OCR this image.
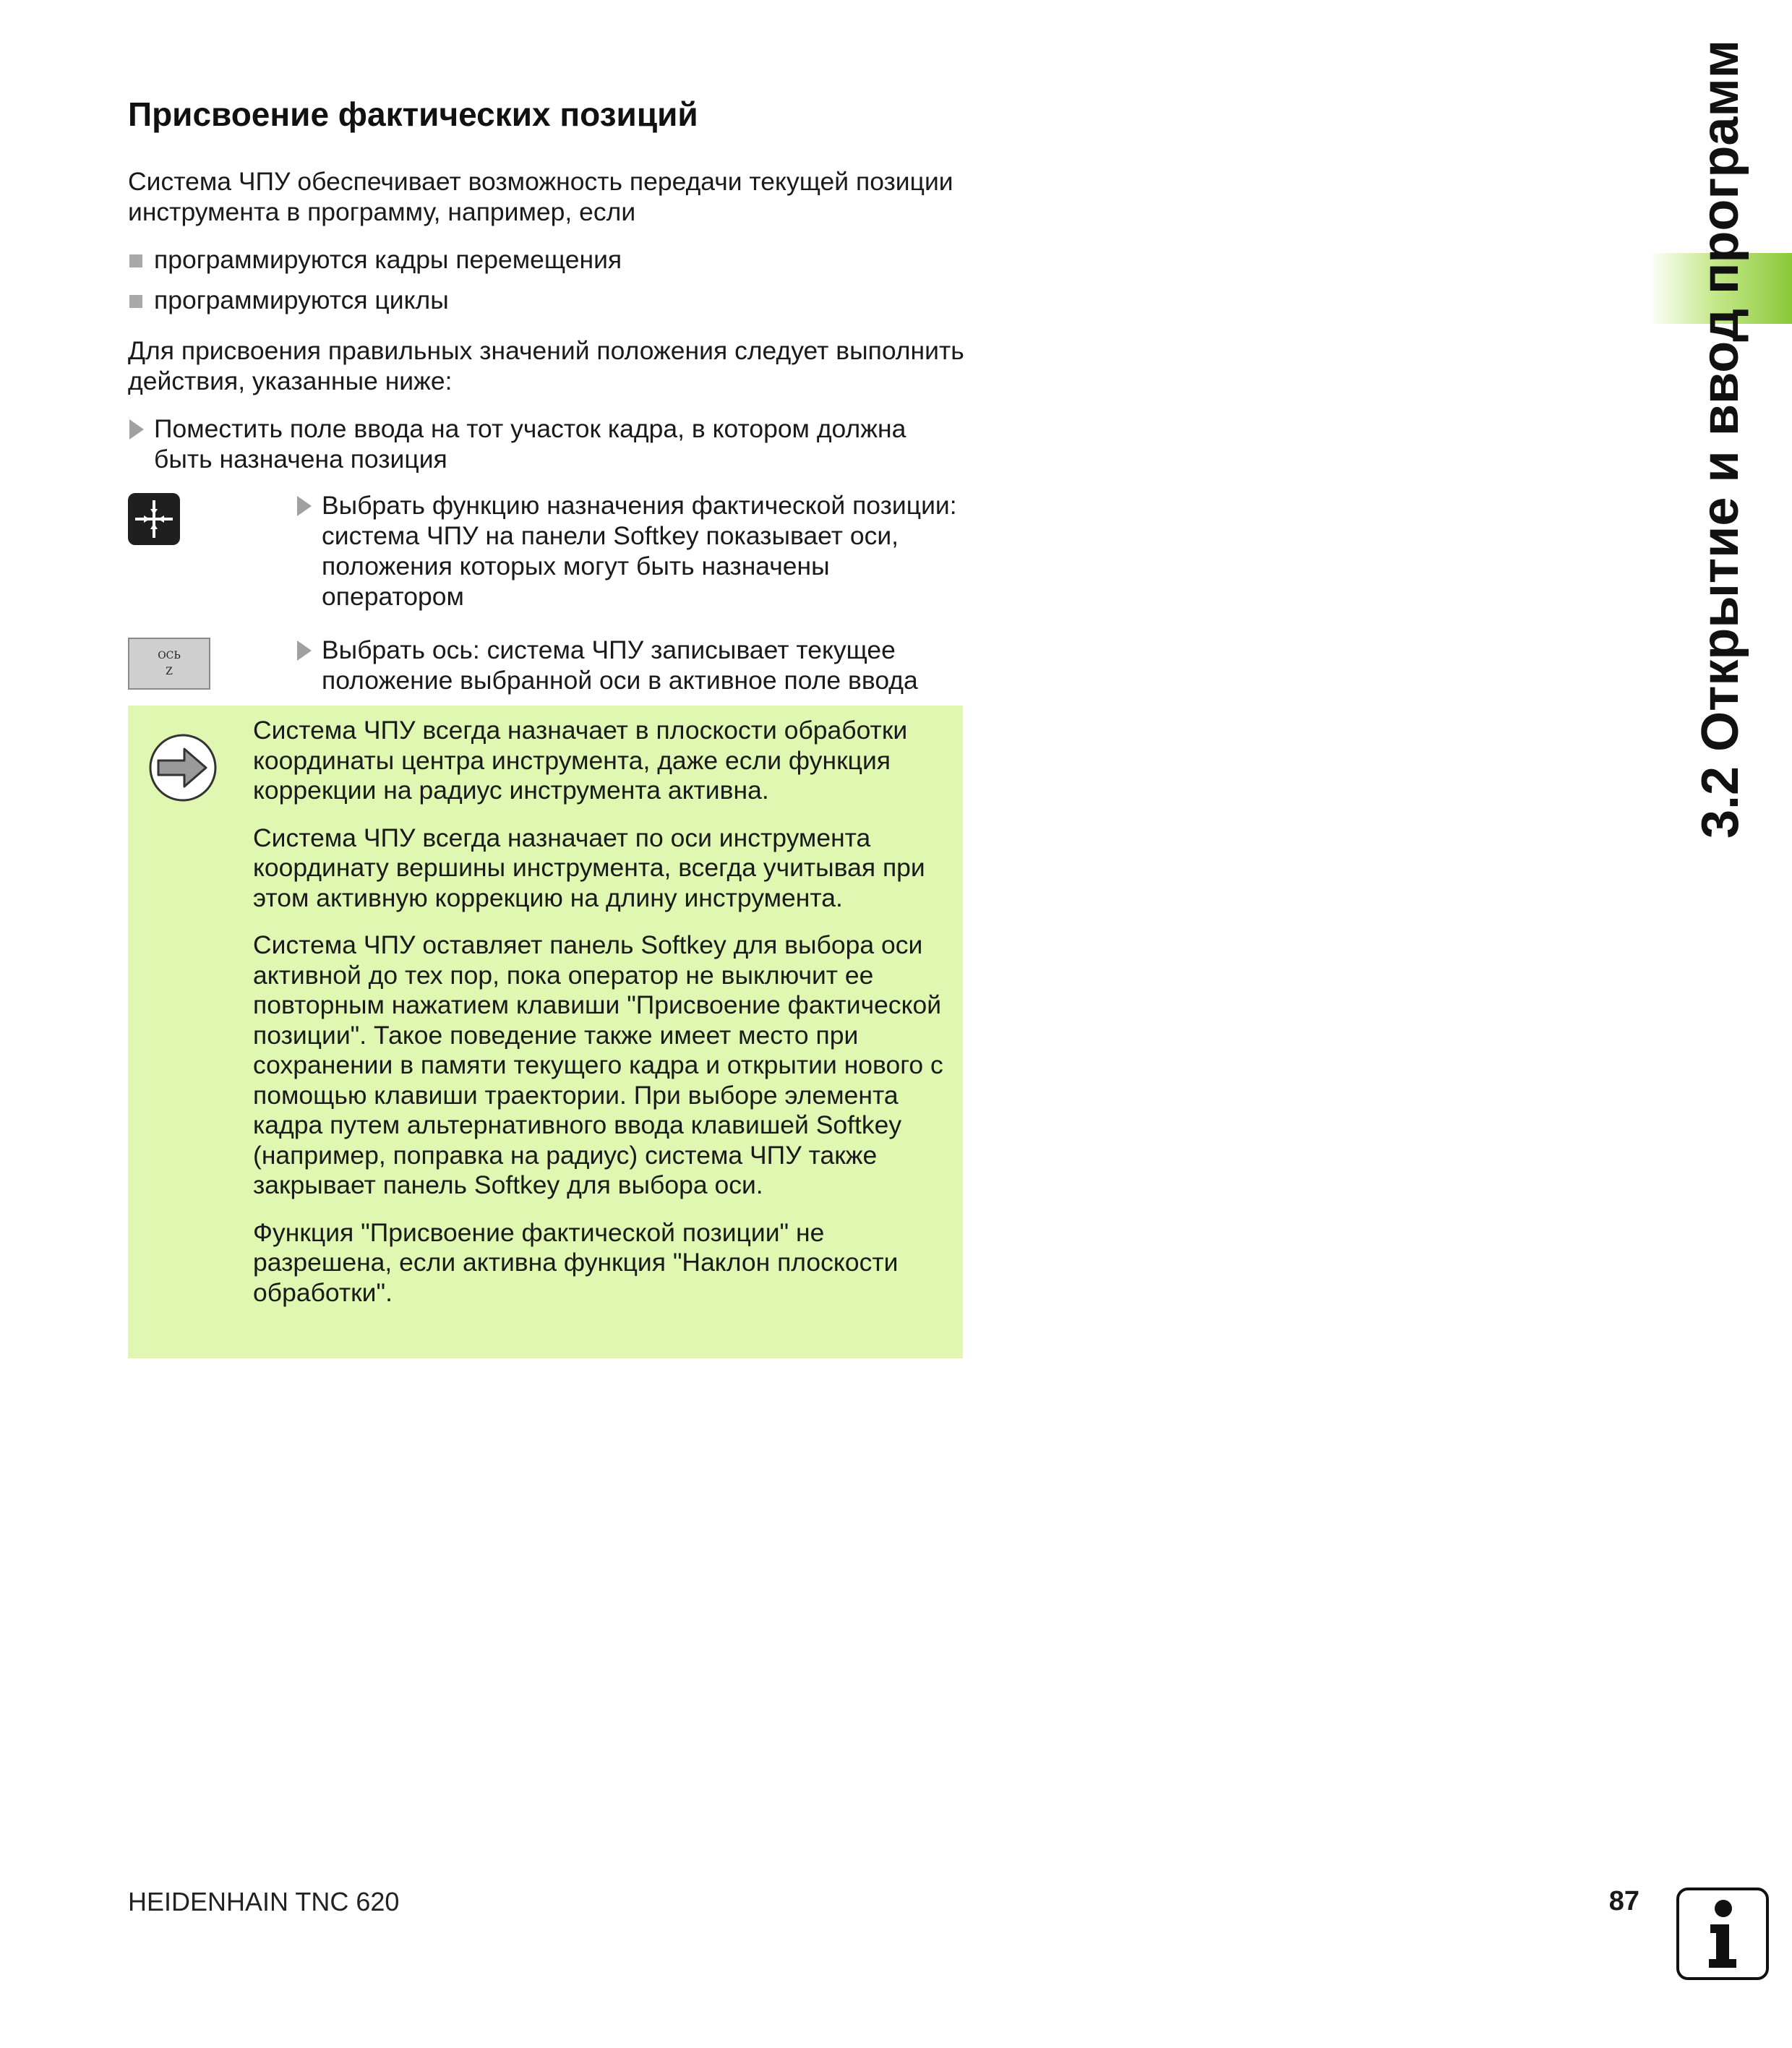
3.2 Открытие и ввод программ
Присвоение фактических позиций
Система ЧПУ обеспечивает возможность передачи текущей позиции инструмента в программу, например, если
программируются кадры перемещения
программируются циклы
Для присвоения правильных значений положения следует выполнить действия, указанные ниже:
Поместить поле ввода на тот участок кадра, в котором должна быть назначена позиция
Выбрать функцию назначения фактической позиции: система ЧПУ на панели Softkey показывает оси, положения которых могут быть назначены оператором
ОСЬ
Z
Выбрать ось: система ЧПУ записывает текущее положение выбранной оси в активное поле ввода
Система ЧПУ всегда назначает в плоскости обработки координаты центра инструмента, даже если функция коррекции на радиус инструмента активна.
Система ЧПУ всегда назначает по оси инструмента координату вершины инструмента, всегда учитывая при этом активную коррекцию на длину инструмента.
Система ЧПУ оставляет панель Softkey для выбора оси активной до тех пор, пока оператор не выключит ее повторным нажатием клавиши "Присвоение фактической позиции". Такое поведение также имеет место при сохранении в памяти текущего кадра и открытии нового с помощью клавиши траектории. При выборе элемента кадра путем альтернативного ввода клавишей Softkey (например, поправка на радиус) система ЧПУ также закрывает панель Softkey для выбора оси.
Функция "Присвоение фактической позиции" не разрешена, если активна функция "Наклон плоскости обработки".
HEIDENHAIN TNC 620	87
